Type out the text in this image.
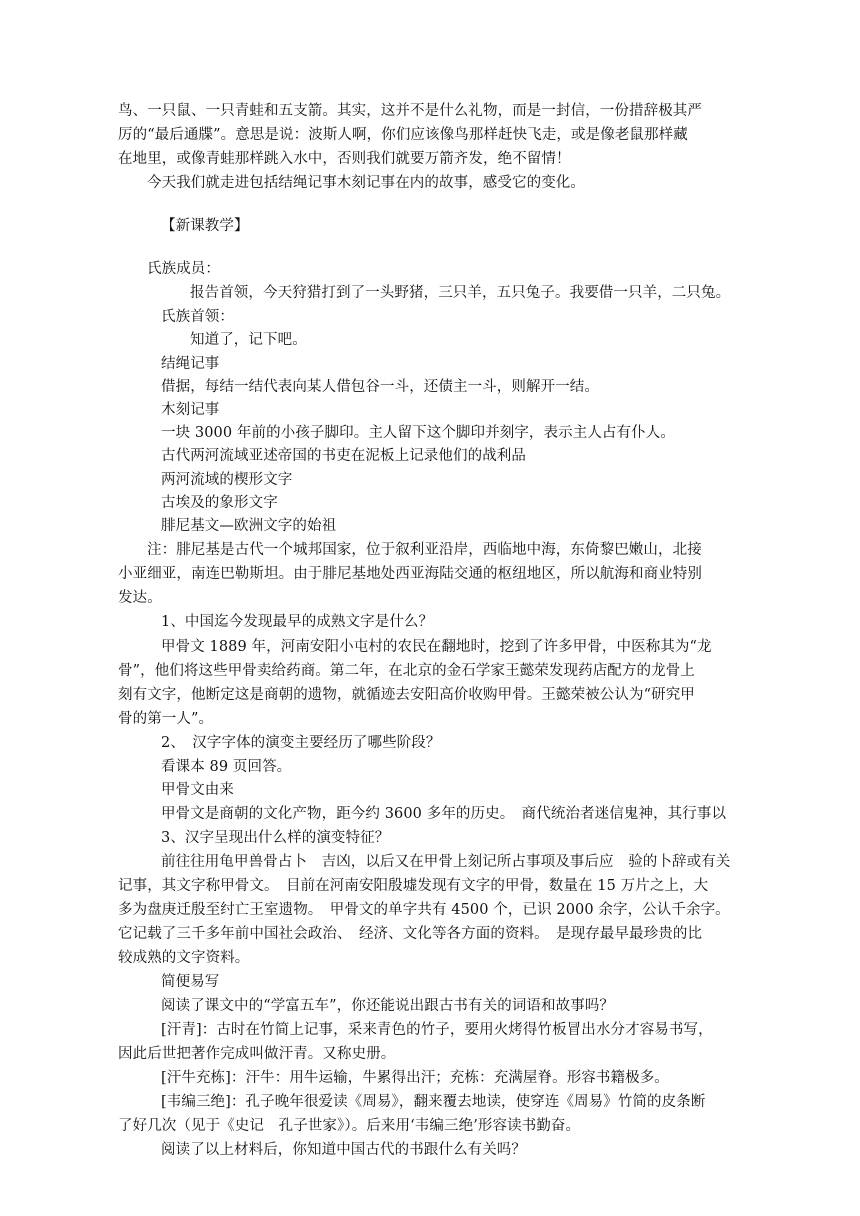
鸟、一只鼠、一只青蛙和五支箭。其实，这并不是什么礼物，而是一封信，一份措辞极其严
厉的“最后通牒”。意思是说：波斯人啊，你们应该像鸟那样赶快飞走，或是像老鼠那样藏
在地里，或像青蛙那样跳入水中，否则我们就要万箭齐发，绝不留情！
今天我们就走进包括结绳记事木刻记事在内的故事，感受它的变化。
【新课教学】
氏族成员：
报告首领，今天狩猎打到了一头野猪，三只羊，五只兔子。我要借一只羊，二只兔。
氏族首领：
知道了，记下吧。
结绳记事
借据，每结一结代表向某人借包谷一斗，还债主一斗，则解开一结。
木刻记事
一块 3000 年前的小孩子脚印。主人留下这个脚印并刻字，表示主人占有仆人。
古代两河流域亚述帝国的书吏在泥板上记录他们的战利品
两河流域的楔形文字
古埃及的象形文字
腓尼基文—欧洲文字的始祖
注：腓尼基是古代一个城邦国家，位于叙利亚沿岸，西临地中海，东倚黎巴嫩山，北接
小亚细亚，南连巴勒斯坦。由于腓尼基地处西亚海陆交通的枢纽地区，所以航海和商业特别
发达。
1、中国迄今发现最早的成熟文字是什么？
甲骨文 1889 年，河南安阳小屯村的农民在翻地时，挖到了许多甲骨，中医称其为“龙
骨”，他们将这些甲骨卖给药商。第二年，在北京的金石学家王懿荣发现药店配方的龙骨上
刻有文字，他断定这是商朝的遗物，就循迹去安阳高价收购甲骨。王懿荣被公认为“研究甲
骨的第一人”。
2、　汉字字体的演变主要经历了哪些阶段？
看课本 89 页回答。
甲骨文由来
甲骨文是商朝的文化产物，距今约 3600 多年的历史。　商代统治者迷信鬼神，其行事以
3、汉字呈现出什么样的演变特征？
前往往用龟甲兽骨占卜　吉凶，以后又在甲骨上刻记所占事项及事后应　验的卜辞或有关
记事，其文字称甲骨文。　目前在河南安阳殷墟发现有文字的甲骨，数量在 15 万片之上，大
多为盘庚迁殷至纣亡王室遗物。　甲骨文的单字共有 4500 个，已识 2000 余字，公认千余字。
它记载了三千多年前中国社会政治、　经济、文化等各方面的资料。　是现存最早最珍贵的比
较成熟的文字资料。
简便易写
阅读了课文中的“学富五车”，你还能说出跟古书有关的词语和故事吗？
[汗青]：古时在竹简上记事，采来青色的竹子，要用火烤得竹板冒出水分才容易书写，
因此后世把著作完成叫做汗青。又称史册。
[汗牛充栋]：汗牛：用牛运输，牛累得出汗；充栋：充满屋脊。形容书籍极多。
[韦编三绝]：孔子晚年很爱读《周易》，翻来覆去地读，使穿连《周易》竹简的皮条断
了好几次（见于《史记　孔子世家》）。后来用‘韦编三绝’形容读书勤奋。
阅读了以上材料后，你知道中国古代的书跟什么有关吗？
